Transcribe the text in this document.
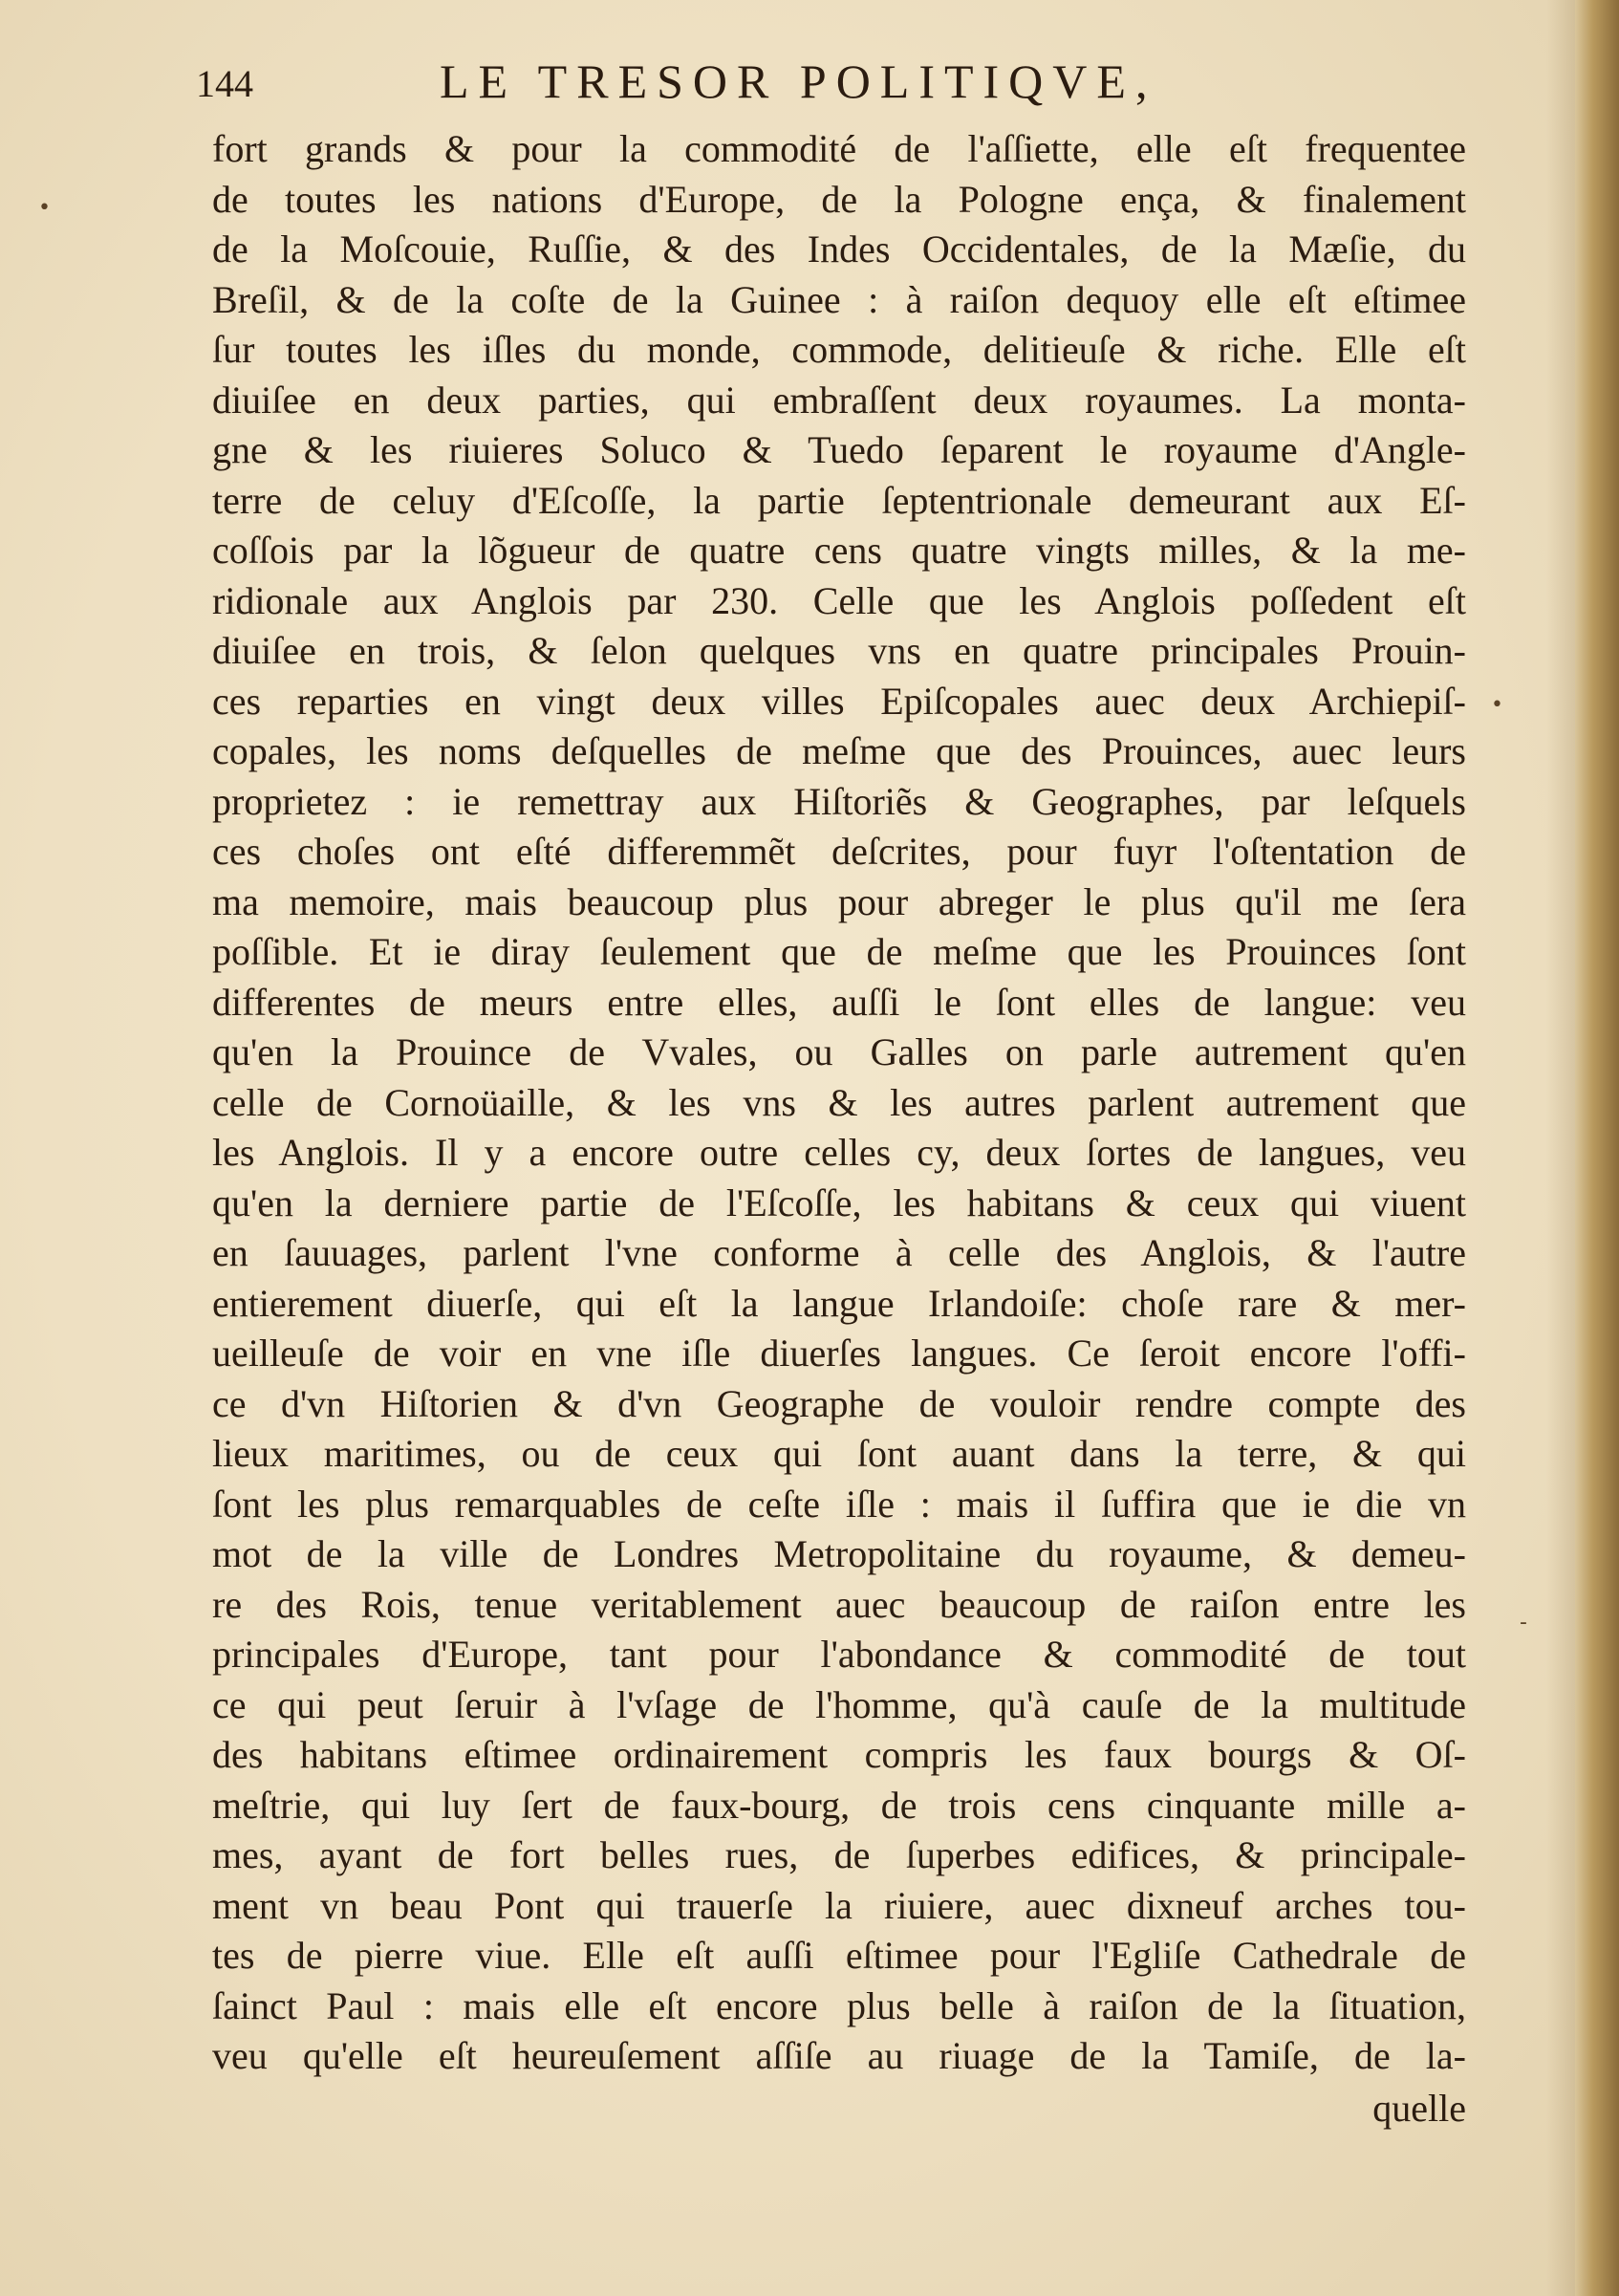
144	LE TRESOR POLITIQVE,
fort grands & pour la commodité de l'aſſiette, elle eſt frequentee
de toutes les nations d'Europe, de la Pologne ença, & finalement
de la Moſcouie, Ruſſie, & des Indes Occidentales, de la Mæſie, du
Breſil, & de la coſte de la Guinee : à raiſon dequoy elle eſt eſtimee
ſur toutes les iſles du monde, commode, delitieuſe & riche. Elle eſt
diuiſee en deux parties, qui embraſſent deux royaumes. La monta-
gne & les riuieres Soluco & Tuedo ſeparent le royaume d'Angle-
terre de celuy d'Eſcoſſe, la partie ſeptentrionale demeurant aux Eſ-
coſſois par la lõgueur de quatre cens quatre vingts milles, & la me-
ridionale aux Anglois par 230. Celle que les Anglois poſſedent eſt
diuiſee en trois, & ſelon quelques vns en quatre principales Prouin-
ces reparties en vingt deux villes Epiſcopales auec deux Archiepiſ-
copales, les noms deſquelles de meſme que des Prouinces, auec leurs
proprietez : ie remettray aux Hiſtoriẽs & Geographes, par leſquels
ces choſes ont eſté differemmẽt deſcrites, pour fuyr l'oſtentation de
ma memoire, mais beaucoup plus pour abreger le plus qu'il me ſera
poſſible. Et ie diray ſeulement que de meſme que les Prouinces ſont
differentes de meurs entre elles, auſſi le ſont elles de langue: veu
qu'en la Prouince de Vvales, ou Galles on parle autrement qu'en
celle de Cornoüaille, & les vns & les autres parlent autrement que
les Anglois. Il y a encore outre celles cy, deux ſortes de langues, veu
qu'en la derniere partie de l'Eſcoſſe, les habitans & ceux qui viuent
en ſauuages, parlent l'vne conforme à celle des Anglois, & l'autre
entierement diuerſe, qui eſt la langue Irlandoiſe: choſe rare & mer-
ueilleuſe de voir en vne iſle diuerſes langues. Ce ſeroit encore l'offi-
ce d'vn Hiſtorien & d'vn Geographe de vouloir rendre compte des
lieux maritimes, ou de ceux qui ſont auant dans la terre, & qui
ſont les plus remarquables de ceſte iſle : mais il ſuffira que ie die vn
mot de la ville de Londres Metropolitaine du royaume, & demeu-
re des Rois, tenue veritablement auec beaucoup de raiſon entre les
principales d'Europe, tant pour l'abondance & commodité de tout
ce qui peut ſeruir à l'vſage de l'homme, qu'à cauſe de la multitude
des habitans eſtimee ordinairement compris les faux bourgs & Oſ-
meſtrie, qui luy ſert de faux-bourg, de trois cens cinquante mille a-
mes, ayant de fort belles rues, de ſuperbes edifices, & principale-
ment vn beau Pont qui trauerſe la riuiere, auec dixneuf arches tou-
tes de pierre viue. Elle eſt auſſi eſtimee pour l'Egliſe Cathedrale de
ſainct Paul : mais elle eſt encore plus belle à raiſon de la ſituation,
veu qu'elle eſt heureuſement aſſiſe au riuage de la Tamiſe, de la-
quelle
•
•
-
